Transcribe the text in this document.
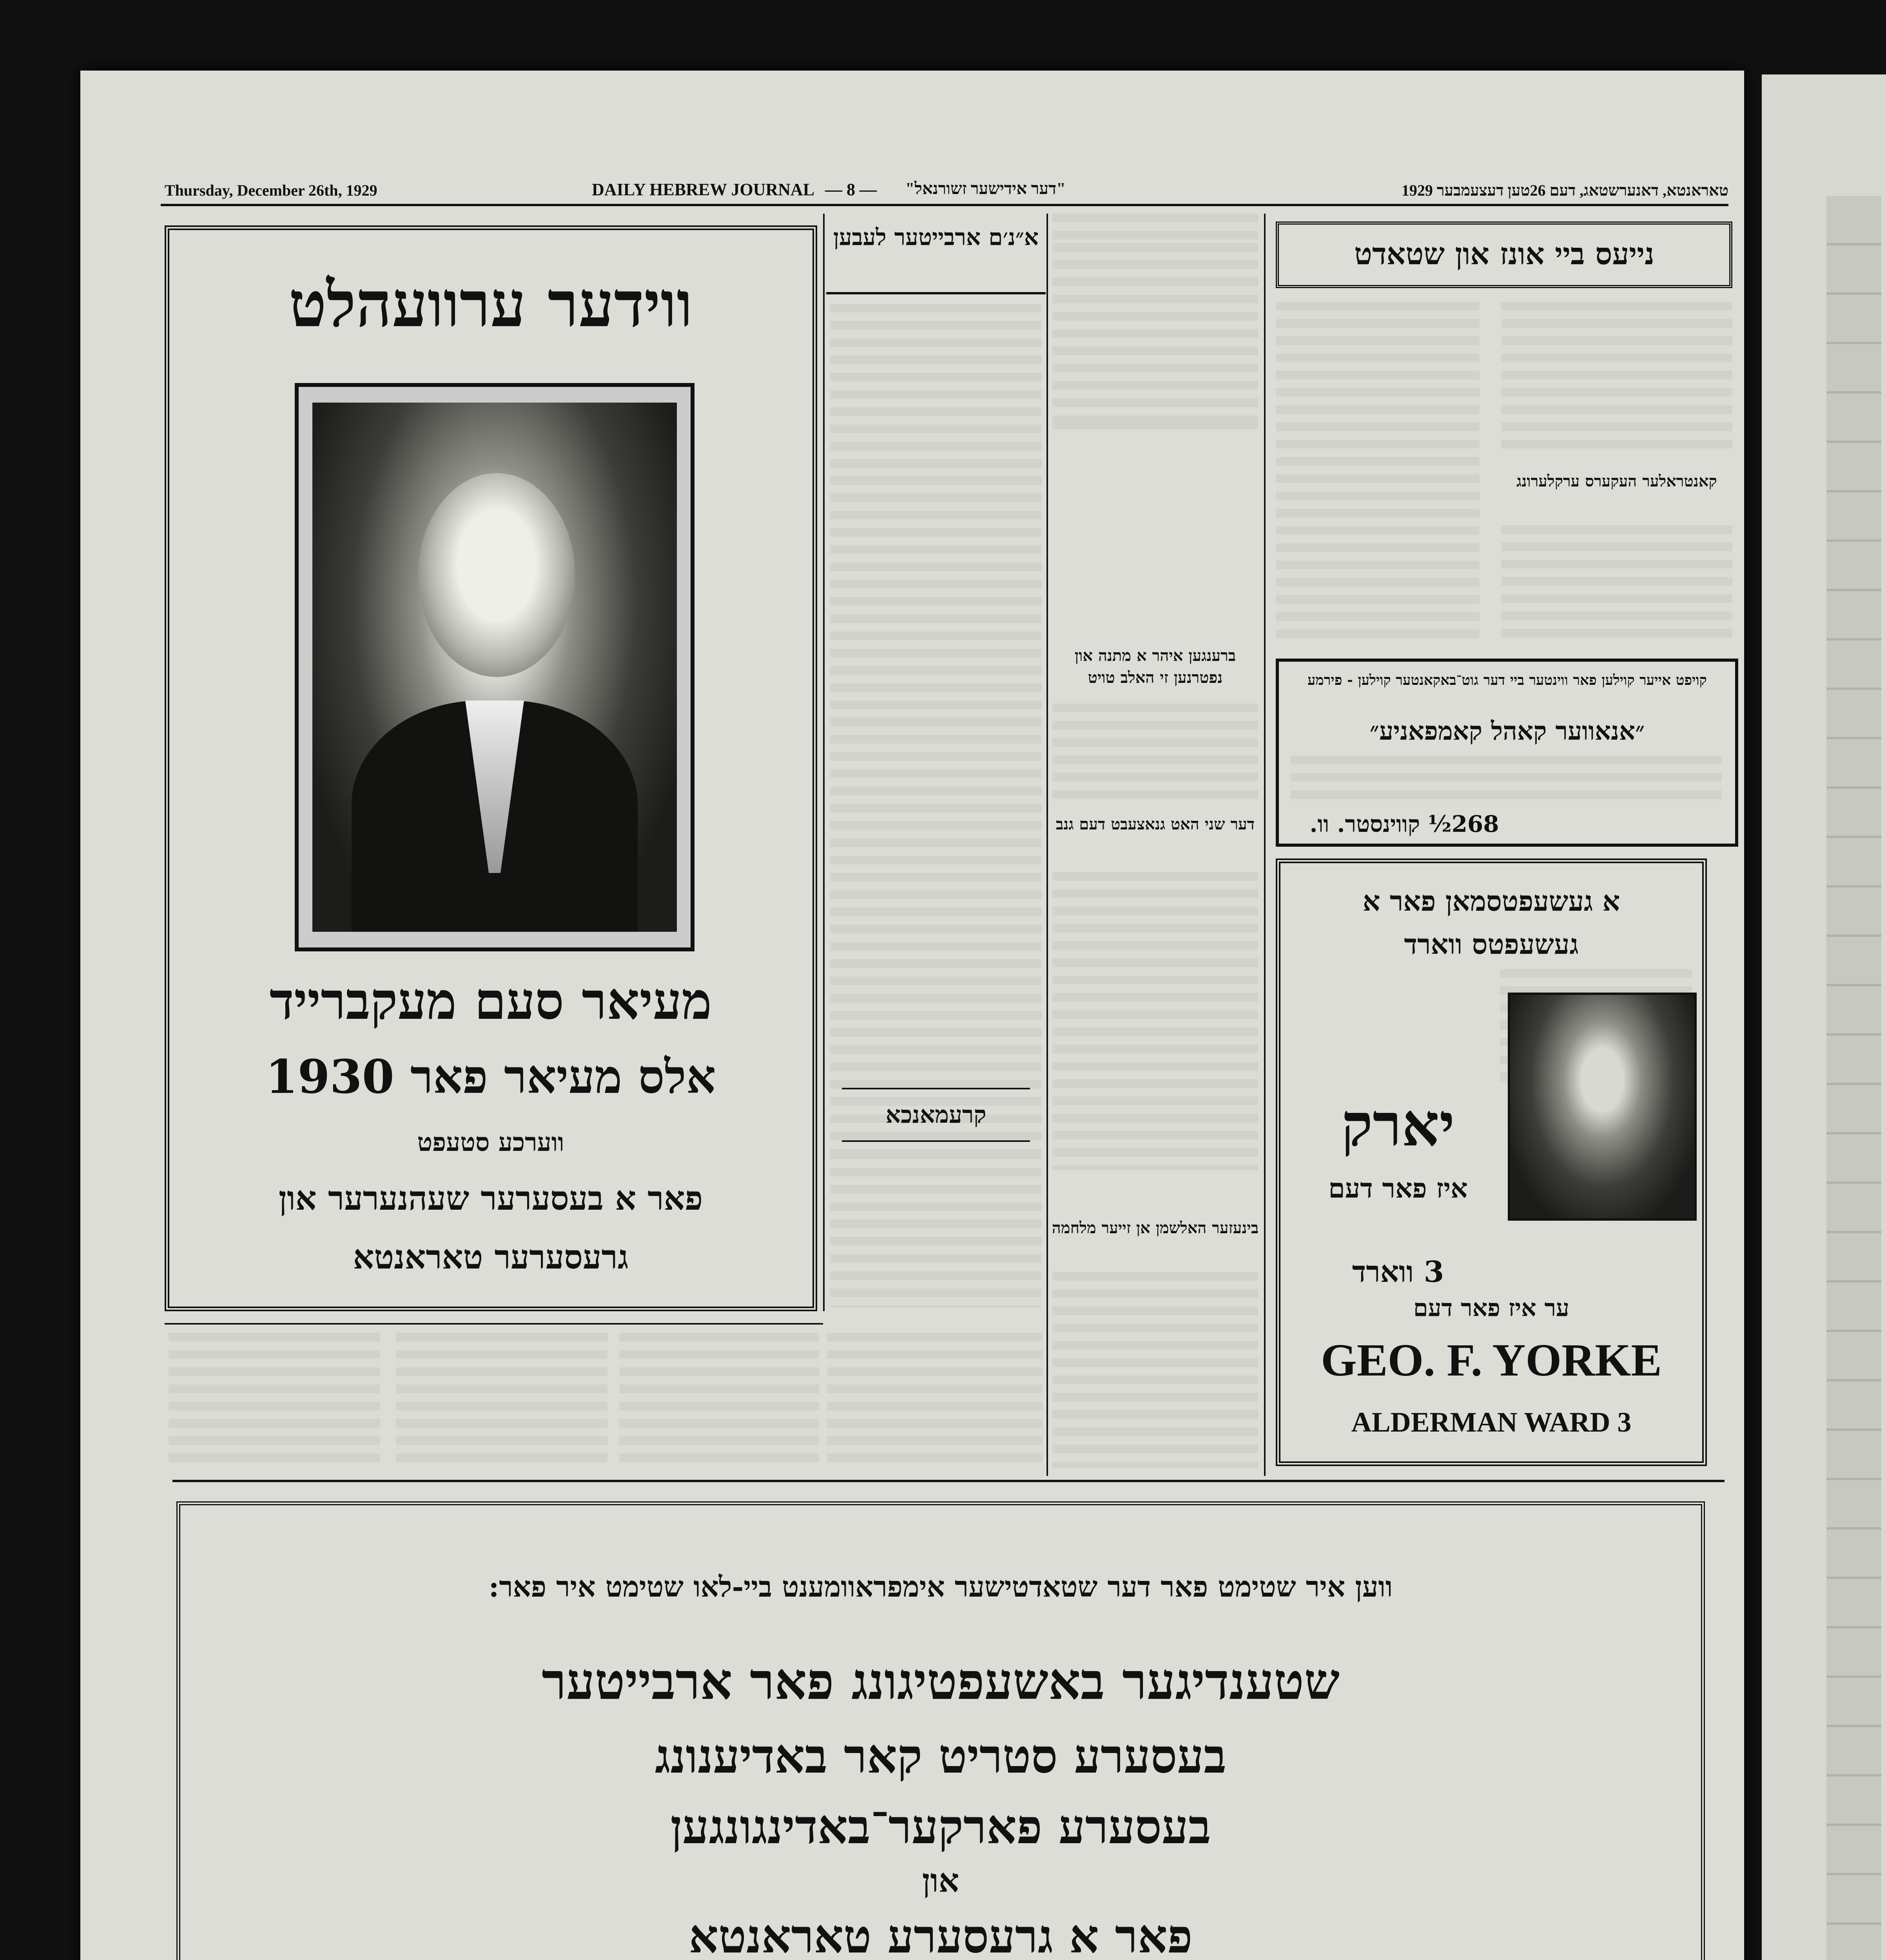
Thursday, December 26th, 1929	DAILY HEBREW JOURNAL — 8 — "דער אידישער זשורנאל"	טאראנטא, דאנערשטאג, דעם 26טען דעצעמבער 1929
ווידער ערוועהלט
מעיאר סעם מעקברייד
אלס מעיאר פאר 1930
ווערכע סטעפט
פאר א בעסערער שעהנערער און
גרעסערער טאראנטא
א״נ׳ם ארבייטער לעבען
קרעמאנכא
ברענגען איהר א מתנה און נפטרנען זי האלב טויט
דער שני האט גנאצעבט דעם גנב
בינעזער האלשמן אן זייער מלחמה
נייעס ביי אונז און שטאדט
קאנטראלער העקערס ערקלערונג
קויפט אייער קוילען פאר ווינטער ביי דער גוט־באקאנטער קוילען - פירמע
״אנאווער קאהל קאמפאניע״
268½ קווינסטר. וו.
א געשעפטסמאן פאר א
געשעפטס ווארד
יארק
איז פאר דעם
3 ווארד
ער איז פאר דעם
GEO. F. YORKE
ALDERMAN WARD 3
ווען איר שטימט פאר דער שטאדטישער אימפראוומענט ביי-לאו שטימט איר פאר:
שטענדיגער באשעפטיגונג פאר ארבייטער
בעסערע סטריט קאר באדיענונג
בעסערע פארקער־באדינגונגען
און
פאר א גרעסערע טאראנטא
